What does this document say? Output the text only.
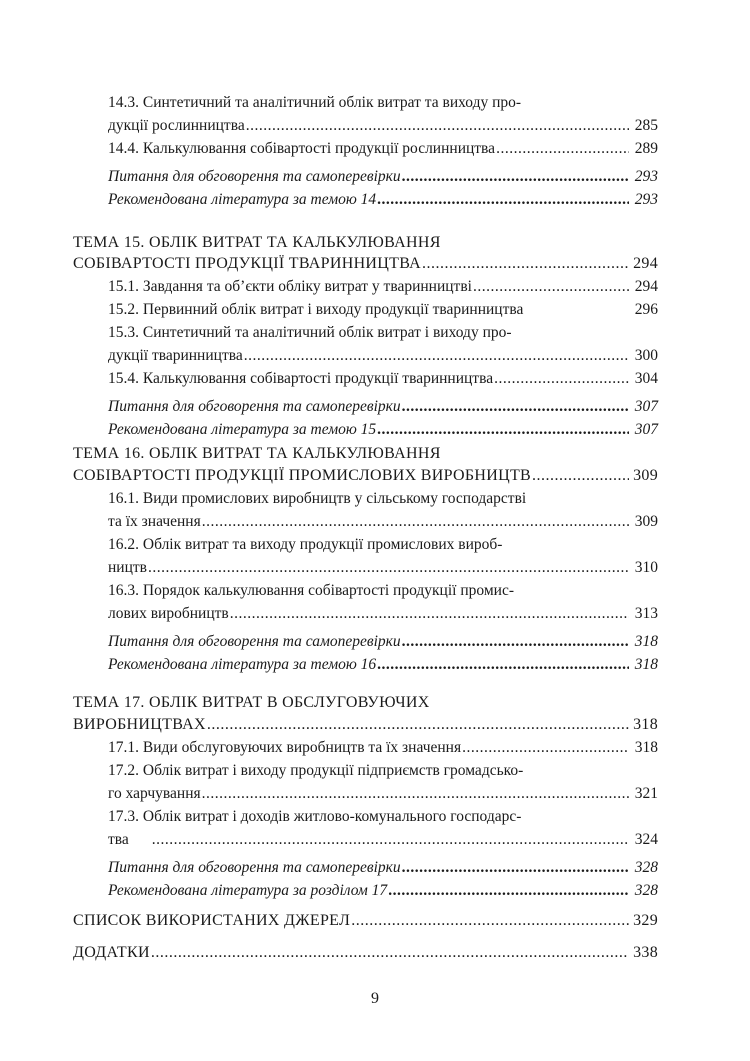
14.3. Синтетичний та аналітичний облік витрат та виходу про-
дукції рослинництва .....	285
14.4. Калькулювання собівартості продукції рослинництва .....	289
Питання для обговорення та самоперевірки .....	293
Рекомендована література за темою 14 .....	293
ТЕМА 15. ОБЛІК ВИТРАТ ТА КАЛЬКУЛЮВАННЯ
СОБІВАРТОСТІ ПРОДУКЦІЇ ТВАРИННИЦТВА .....	294
15.1. Завдання та об’єкти обліку витрат у тваринництві .....	294
15.2. Первинний облік витрат і виходу продукції тваринництва	296
15.3. Синтетичний та аналітичний облік витрат і виходу про-
дукції тваринництва .....	300
15.4. Калькулювання собівартості продукції тваринництва .....	304
Питання для обговорення та самоперевірки .....	307
Рекомендована література за темою 15 .....	307
ТЕМА 16. ОБЛІК ВИТРАТ ТА КАЛЬКУЛЮВАННЯ
СОБІВАРТОСТІ ПРОДУКЦІЇ ПРОМИСЛОВИХ ВИРОБНИЦТВ .....	309
16.1. Види промислових виробництв у сільському господарстві
та їх значення .....	309
16.2. Облік витрат та виходу продукції промислових вироб-
ництв .....	310
16.3. Порядок калькулювання собівартості продукції промис-
лових виробництв .....	313
Питання для обговорення та самоперевірки .....	318
Рекомендована література за темою 16 .....	318
ТЕМА 17. ОБЛІК ВИТРАТ В ОБСЛУГОВУЮЧИХ
ВИРОБНИЦТВАХ .....	318
17.1. Види обслуговуючих виробництв та їх значення .....	318
17.2. Облік витрат і виходу продукції підприємств громадсько-
го харчування .....	321
17.3. Облік витрат і доходів житлово-комунального господарс-
тва .....	324
Питання для обговорення та самоперевірки .....	328
Рекомендована література за розділом 17 .....	328
СПИСОК ВИКОРИСТАНИХ ДЖЕРЕЛ .....	329
ДОДАТКИ .....	338
9
